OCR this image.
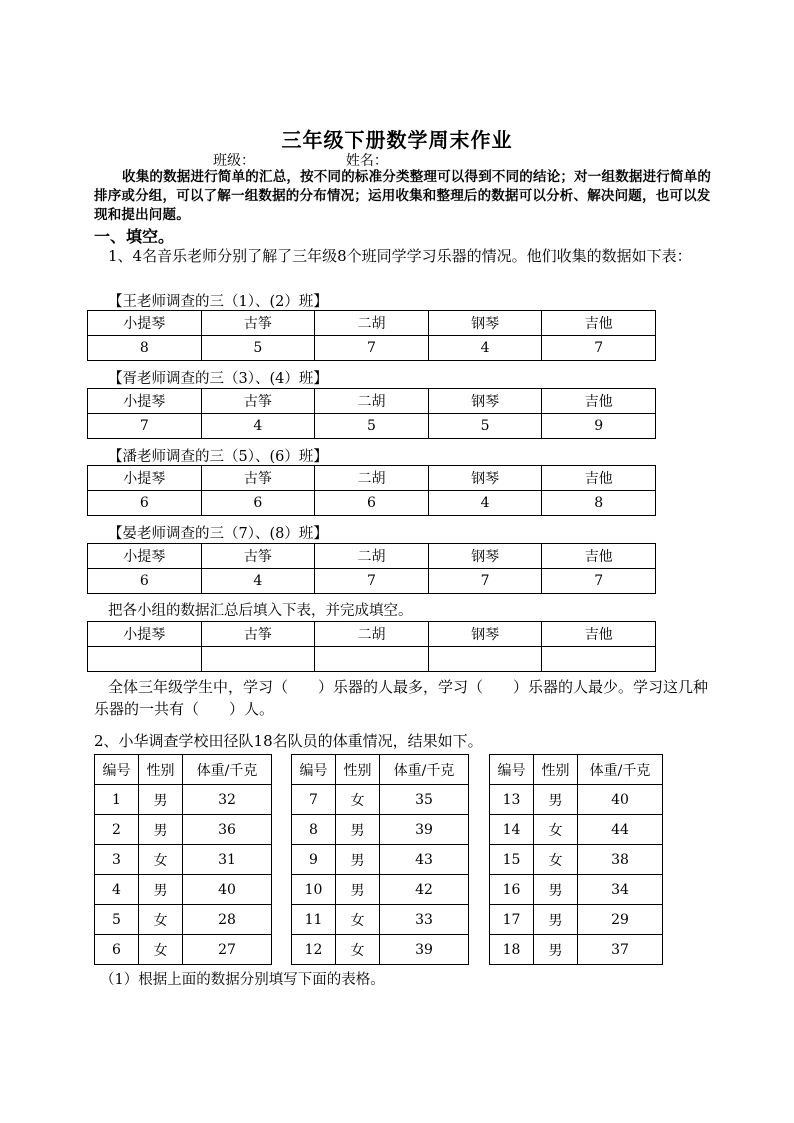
三年级下册数学周末作业
班级：	姓名：
收集的数据进行简单的汇总，按不同的标准分类整理可以得到不同的结论；对一组数据进行简单的排序或分组，可以了解一组数据的分布情况；运用收集和整理后的数据可以分析、解决问题，也可以发现和提出问题。
一、填空。
1、4名音乐老师分别了解了三年级8个班同学学习乐器的情况。他们收集的数据如下表：
【王老师调查的三（1）、(2）班】
小提琴	古筝	二胡	钢琴	吉他
8	5	7	4	7
【胥老师调查的三（3）、(4）班】
小提琴	古筝	二胡	钢琴	吉他
7	4	5	5	9
【潘老师调查的三（5）、(6）班】
小提琴	古筝	二胡	钢琴	吉他
6	6	6	4	8
【晏老师调查的三（7）、(8）班】
小提琴	古筝	二胡	钢琴	吉他
6	4	7	7	7
把各小组的数据汇总后填入下表，并完成填空。
小提琴	古筝	二胡	钢琴	吉他

全体三年级学生中，学习（　　）乐器的人最多，学习（　　）乐器的人最少。学习这几种乐器的一共有（　　）人。
2、小华调查学校田径队18名队员的体重情况，结果如下。
编号	性别	体重/千克
1	男	32
2	男	36
3	女	31
4	男	40
5	女	28
6	女	27
编号	性别	体重/千克
7	女	35
8	男	39
9	男	43
10	男	42
11	女	33
12	女	39
编号	性别	体重/千克
13	男	40
14	女	44
15	女	38
16	男	34
17	男	29
18	男	37
（1）根据上面的数据分别填写下面的表格。
